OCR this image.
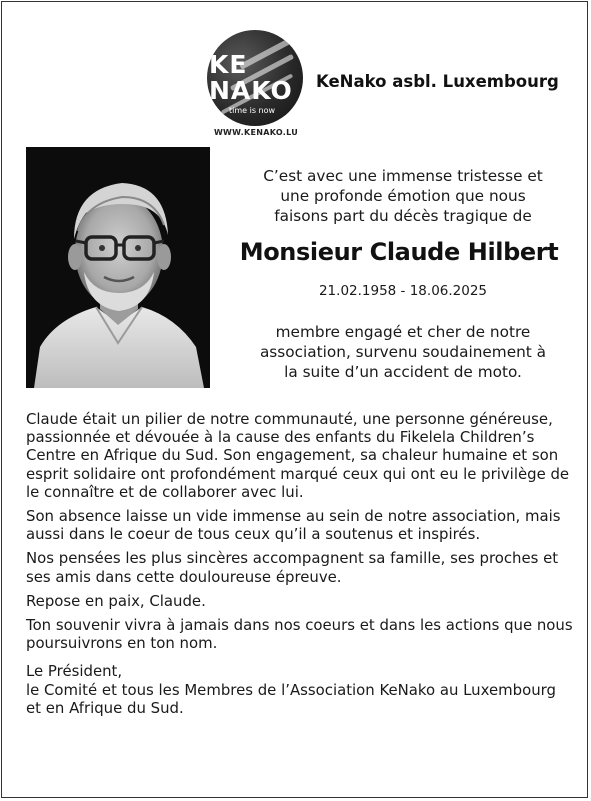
KE
NAKO
time is now
WWW.KENAKO.LU
KeNako asbl. Luxembourg
C’est avec une immense tristesse et
une profonde émotion que nous
faisons part du décès tragique de
Monsieur Claude Hilbert
21.02.1958 - 18.06.2025
membre engagé et cher de notre
association, survenu soudainement à
la suite d’un accident de moto.

Claude était un pilier de notre communauté, une personne généreuse, passionnée et dévouée à la cause des enfants du Fikelela Children’s Centre en Afrique du Sud. Son engagement, sa chaleur humaine et son esprit solidaire ont profondément marqué ceux qui ont eu le privilège de le connaître et de collaborer avec lui.

Son absence laisse un vide immense au sein de notre association, mais aussi dans le coeur de tous ceux qu’il a soutenus et inspirés.

Nos pensées les plus sincères accompagnent sa famille, ses proches et ses amis dans cette douloureuse épreuve.

Repose en paix, Claude.

Ton souvenir vivra à jamais dans nos coeurs et dans les actions que nous poursuivrons en ton nom.

Le Président,
le Comité et tous les Membres de l’Association KeNako au Luxembourg et en Afrique du Sud.
